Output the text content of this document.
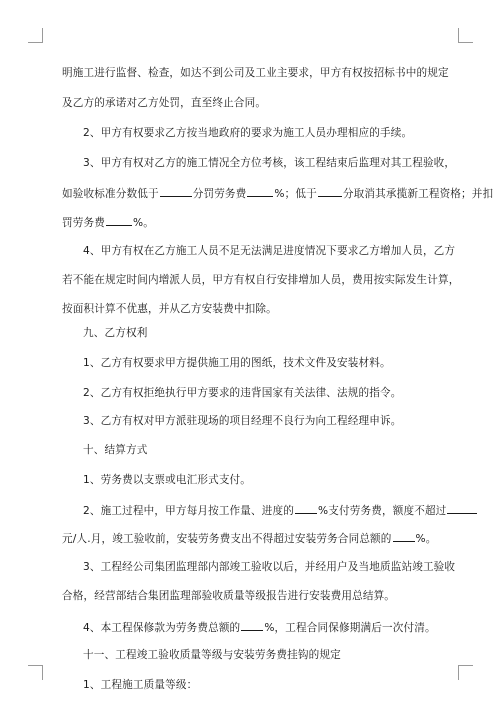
明施工进行监督、检查，如达不到公司及工业主要求，甲方有权按招标书中的规定
及乙方的承诺对乙方处罚，直至终止合同。
2、甲方有权要求乙方按当地政府的要求为施工人员办理相应的手续。
3、甲方有权对乙方的施工情况全方位考核，该工程结束后监理对其工程验收，
如验收标准分数低于	分罚劳务费	%；低于 分取消其承揽新工程资格；并扣
罚劳务费	%。
4、甲方有权在乙方施工人员不足无法满足进度情况下要求乙方增加人员，乙方
若不能在规定时间内增派人员，甲方有权自行安排增加人员，费用按实际发生计算，
按面积计算不优惠，并从乙方安装费中扣除。
九、乙方权利
1、乙方有权要求甲方提供施工用的图纸，技术文件及安装材料。
2、乙方有权拒绝执行甲方要求的违背国家有关法律、法规的指令。
3、乙方有权对甲方派驻现场的项目经理不良行为向工程经理申诉。
十、结算方式
1、劳务费以支票或电汇形式支付。
2、施工过程中，甲方每月按工作量、进度的 %支付劳务费，额度不超过
元/人.月，竣工验收前，安装劳务费支出不得超过安装劳务合同总额的 %。
3、工程经公司集团监理部内部竣工验收以后，并经用户及当地质监站竣工验收
合格，经营部结合集团监理部验收质量等级报告进行安装费用总结算。
4、本工程保修款为劳务费总额的 %，工程合同保修期满后一次付清。
十一、工程竣工验收质量等级与安装劳务费挂钩的规定
1、工程施工质量等级：
